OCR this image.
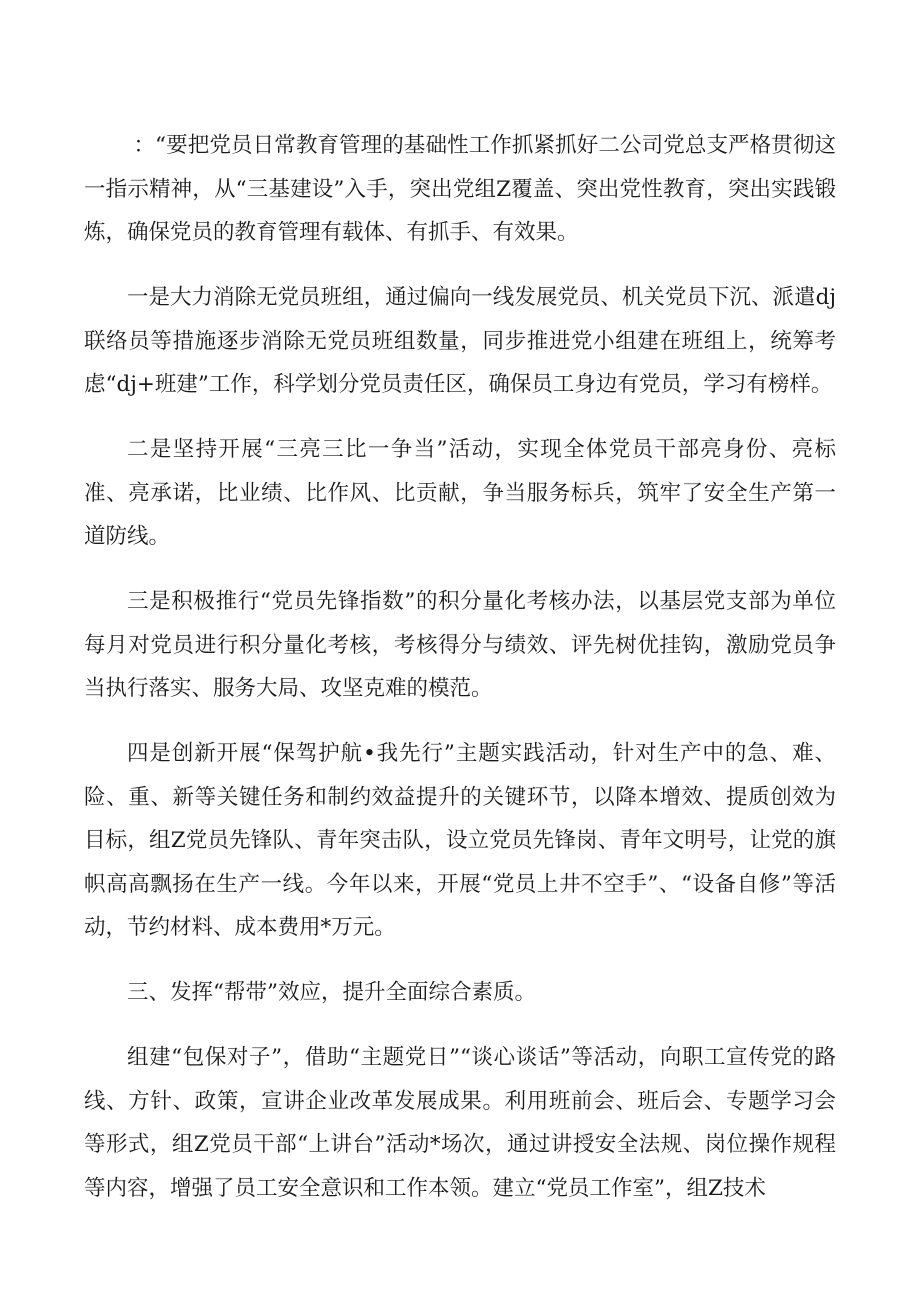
：“要把党员日常教育管理的基础性工作抓紧抓好二公司党总支严格贯彻这一指示精神，从“三基建设”入手，突出党组Z覆盖、突出党性教育，突出实践锻炼，确保党员的教育管理有载体、有抓手、有效果。

一是大力消除无党员班组，通过偏向一线发展党员、机关党员下沉、派遣dj联络员等措施逐步消除无党员班组数量，同步推进党小组建在班组上，统筹考虑“dj+班建”工作，科学划分党员责任区，确保员工身边有党员，学习有榜样。

二是坚持开展“三亮三比一争当”活动，实现全体党员干部亮身份、亮标准、亮承诺，比业绩、比作风、比贡献，争当服务标兵，筑牢了安全生产第一道防线。

三是积极推行“党员先锋指数”的积分量化考核办法，以基层党支部为单位每月对党员进行积分量化考核，考核得分与绩效、评先树优挂钩，激励党员争当执行落实、服务大局、攻坚克难的模范。

四是创新开展“保驾护航•我先行”主题实践活动，针对生产中的急、难、险、重、新等关键任务和制约效益提升的关键环节，以降本增效、提质创效为目标，组Z党员先锋队、青年突击队，设立党员先锋岗、青年文明号，让党的旗帜高高飘扬在生产一线。今年以来，开展“党员上井不空手”、“设备自修”等活动，节约材料、成本费用*万元。

三、发挥“帮带”效应，提升全面综合素质。

组建“包保对子”，借助“主题党日”“谈心谈话”等活动，向职工宣传党的路线、方针、政策，宣讲企业改革发展成果。利用班前会、班后会、专题学习会等形式，组Z党员干部“上讲台”活动*场次，通过讲授安全法规、岗位操作规程等内容，增强了员工安全意识和工作本领。建立“党员工作室”，组Z技术
